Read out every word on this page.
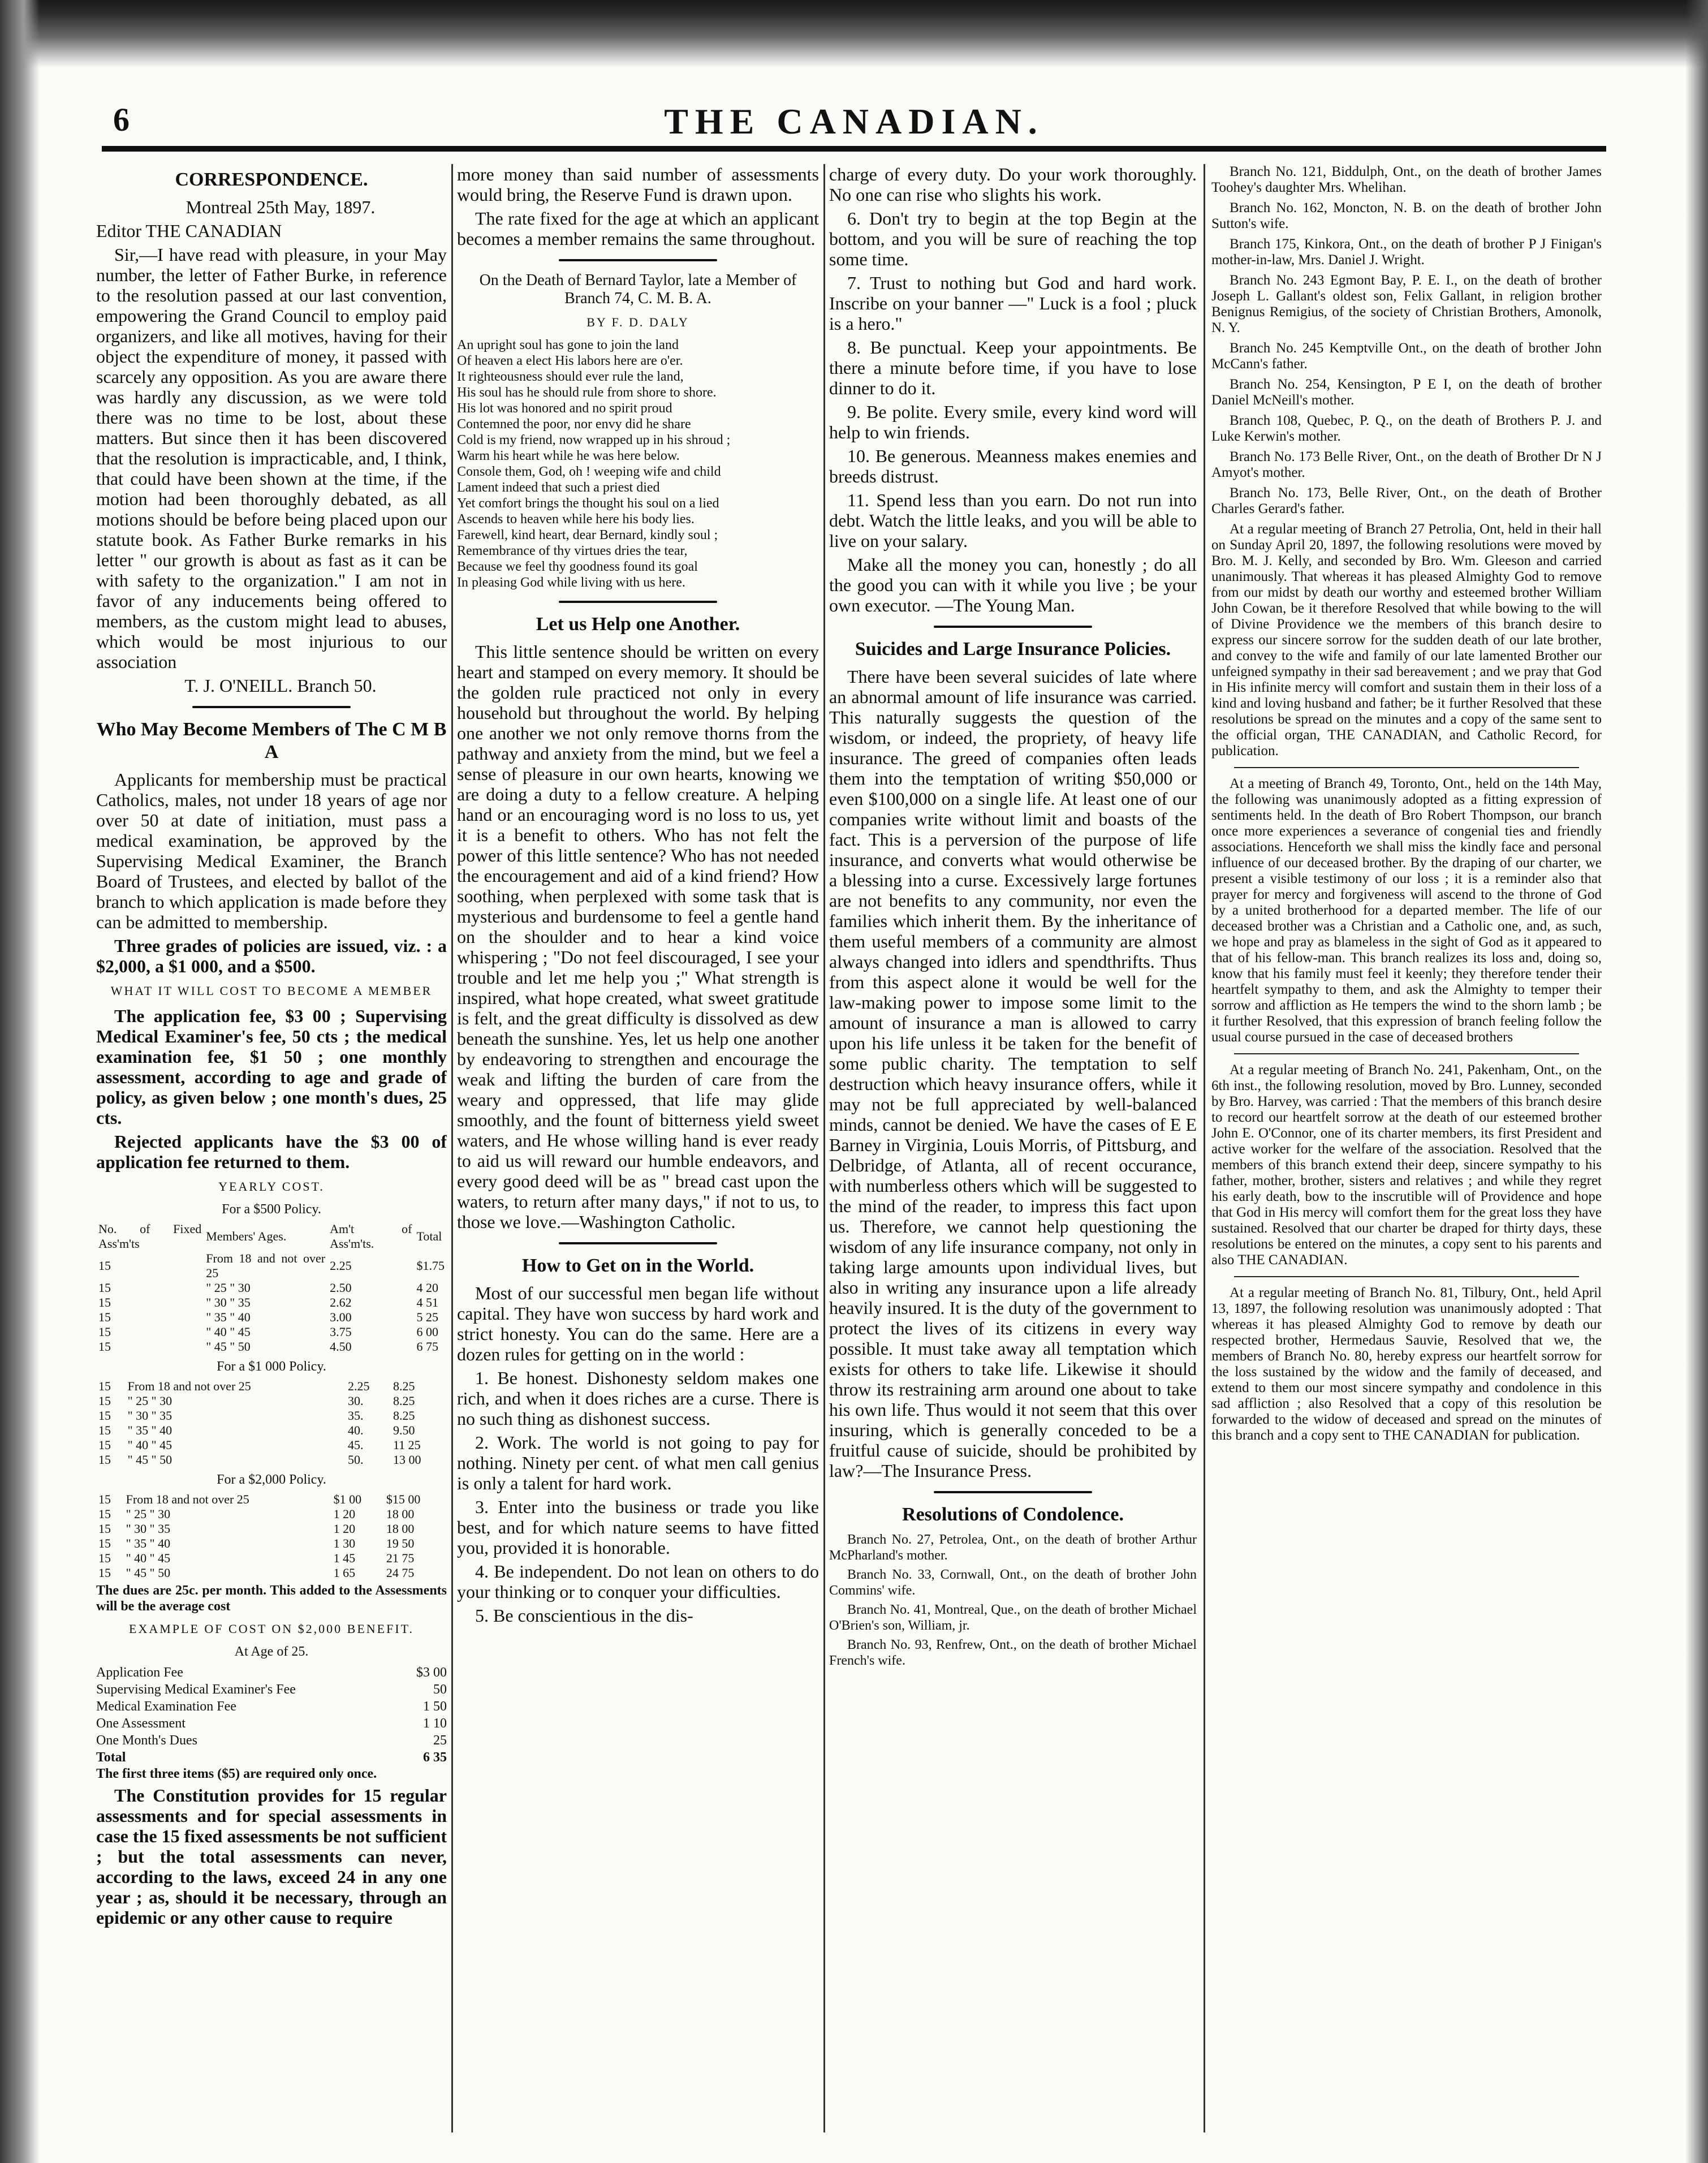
THE CANADIAN.
6
CORRESPONDENCE.

Montreal 25th May, 1897.

Editor THE CANADIAN

Sir,—I have read with pleasure, in your May number, the letter of Father Burke, in reference to the resolution passed at our last convention, empowering the Grand Council to employ paid organizers, and like all motives, having for their object the expenditure of money, it passed with scarcely any opposition. As you are aware there was hardly any discussion, as we were told there was no time to be lost, about these matters. But since then it has been discovered that the resolution is impracticable, and, I think, that could have been shown at the time, if the motion had been thoroughly debated, as all motions should be before being placed upon our statute book. As Father Burke remarks in his letter " our growth is about as fast as it can be with safety to the organization." I am not in favor of any inducements being offered to members, as the custom might lead to abuses, which would be most injurious to our association

T. J. O'NEILL. Branch 50.

Who May Become Members of The C M B A

Applicants for membership must be practical Catholics, males, not under 18 years of age nor over 50 at date of initiation, must pass a medical examination, be approved by the Supervising Medical Examiner, the Branch Board of Trustees, and elected by ballot of the branch to which application is made before they can be admitted to membership.

Three grades of policies are issued, viz. : a $2,000, a $1 000, and a $500.

WHAT IT WILL COST TO BECOME A MEMBER

The application fee, $3 00 ; Supervising Medical Examiner's fee, 50 cts ; the medical examination fee, $1 50 ; one monthly assessment, according to age and grade of policy, as given below ; one month's dues, 25 cts.

Rejected applicants have the $3 00 of application fee returned to them.

YEARLY COST.
For a $500 Policy.
No. of Fixed Ass'm'ts	Members' Ages.	Am't of Ass'm'ts.	Total
15	From 18 and not over 25	2.25	$1.75
15	" 25 " 30	2.50	4 20
15	" 30 " 35	2.62	4 51
15	" 35 " 40	3.00	5 25
15	" 40 " 45	3.75	6 00
15	" 45 " 50	4.50	6 75
For a $1 000 Policy.
15	From 18 and not over 25	2.25	8.25
15	" 25 " 30	30.	8.25
15	" 30 " 35	35.	8.25
15	" 35 " 40	40.	9.50
15	" 40 " 45	45.	11 25
15	" 45 " 50	50.	13 00
For a $2,000 Policy.
15	From 18 and not over 25	$1 00	$15 00
15	" 25 " 30	1 20	18 00
15	" 30 " 35	1 20	18 00
15	" 35 " 40	1 30	19 50
15	" 40 " 45	1 45	21 75
15	" 45 " 50	1 65	24 75

The dues are 25c. per month. This added to the Assessments will be the average cost

EXAMPLE OF COST ON $2,000 BENEFIT.
At Age of 25.
Application Fee	$3 00
Supervising Medical Examiner's Fee	50
Medical Examination Fee	1 50
One Assessment	1 10
One Month's Dues	25
Total	6 35

The first three items ($5) are required only once.

The Constitution provides for 15 regular assessments and for special assessments in case the 15 fixed assessments be not sufficient ; but the total assessments can never, according to the laws, exceed 24 in any one year ; as, should it be necessary, through an epidemic or any other cause to require

more money than said number of assessments would bring, the Reserve Fund is drawn upon.

The rate fixed for the age at which an applicant becomes a member remains the same throughout.

On the Death of Bernard Taylor, late a Member of Branch 74, C. M. B. A.
BY F. D. DALY
An upright soul has gone to join the land
Of heaven a elect His labors here are o'er.
It righteousness should ever rule the land,
His soul has he should rule from shore to shore.
His lot was honored and no spirit proud
Contemned the poor, nor envy did he share
Cold is my friend, now wrapped up in his shroud ;
Warm his heart while he was here below.
Console them, God, oh ! weeping wife and child
Lament indeed that such a priest died
Yet comfort brings the thought his soul on a lied
Ascends to heaven while here his body lies.
Farewell, kind heart, dear Bernard, kindly soul ;
Remembrance of thy virtues dries the tear,
Because we feel thy goodness found its goal
In pleasing God while living with us here.
Let us Help one Another.

This little sentence should be written on every heart and stamped on every memory. It should be the golden rule practiced not only in every household but throughout the world. By helping one another we not only remove thorns from the pathway and anxiety from the mind, but we feel a sense of pleasure in our own hearts, knowing we are doing a duty to a fellow creature. A helping hand or an encouraging word is no loss to us, yet it is a benefit to others. Who has not felt the power of this little sentence? Who has not needed the encouragement and aid of a kind friend? How soothing, when perplexed with some task that is mysterious and burdensome to feel a gentle hand on the shoulder and to hear a kind voice whispering ; "Do not feel discouraged, I see your trouble and let me help you ;" What strength is inspired, what hope created, what sweet gratitude is felt, and the great difficulty is dissolved as dew beneath the sunshine. Yes, let us help one another by endeavoring to strengthen and encourage the weak and lifting the burden of care from the weary and oppressed, that life may glide smoothly, and the fount of bitterness yield sweet waters, and He whose willing hand is ever ready to aid us will reward our humble endeavors, and every good deed will be as " bread cast upon the waters, to return after many days," if not to us, to those we love.—Washington Catholic.

How to Get on in the World.

Most of our successful men began life without capital. They have won success by hard work and strict honesty. You can do the same. Here are a dozen rules for getting on in the world :

1. Be honest. Dishonesty seldom makes one rich, and when it does riches are a curse. There is no such thing as dishonest success.

2. Work. The world is not going to pay for nothing. Ninety per cent. of what men call genius is only a talent for hard work.

3. Enter into the business or trade you like best, and for which nature seems to have fitted you, provided it is honorable.

4. Be independent. Do not lean on others to do your thinking or to conquer your difficulties.

5. Be conscientious in the dis-

charge of every duty. Do your work thoroughly. No one can rise who slights his work.

6. Don't try to begin at the top Begin at the bottom, and you will be sure of reaching the top some time.

7. Trust to nothing but God and hard work. Inscribe on your banner —" Luck is a fool ; pluck is a hero."

8. Be punctual. Keep your appointments. Be there a minute before time, if you have to lose dinner to do it.

9. Be polite. Every smile, every kind word will help to win friends.

10. Be generous. Meanness makes enemies and breeds distrust.

11. Spend less than you earn. Do not run into debt. Watch the little leaks, and you will be able to live on your salary.

Make all the money you can, honestly ; do all the good you can with it while you live ; be your own executor. —The Young Man.

Suicides and Large Insurance Policies.

There have been several suicides of late where an abnormal amount of life insurance was carried. This naturally suggests the question of the wisdom, or indeed, the propriety, of heavy life insurance. The greed of companies often leads them into the temptation of writing $50,000 or even $100,000 on a single life. At least one of our companies write without limit and boasts of the fact. This is a perversion of the purpose of life insurance, and converts what would otherwise be a blessing into a curse. Excessively large fortunes are not benefits to any community, nor even the families which inherit them. By the inheritance of them useful members of a community are almost always changed into idlers and spendthrifts. Thus from this aspect alone it would be well for the law-making power to impose some limit to the amount of insurance a man is allowed to carry upon his life unless it be taken for the benefit of some public charity. The temptation to self destruction which heavy insurance offers, while it may not be full appreciated by well-balanced minds, cannot be denied. We have the cases of E E Barney in Virginia, Louis Morris, of Pittsburg, and Delbridge, of Atlanta, all of recent occurance, with numberless others which will be suggested to the mind of the reader, to impress this fact upon us. Therefore, we cannot help questioning the wisdom of any life insurance company, not only in taking large amounts upon individual lives, but also in writing any insurance upon a life already heavily insured. It is the duty of the government to protect the lives of its citizens in every way possible. It must take away all temptation which exists for others to take life. Likewise it should throw its restraining arm around one about to take his own life. Thus would it not seem that this over insuring, which is generally conceded to be a fruitful cause of suicide, should be prohibited by law?—The Insurance Press.

Resolutions of Condolence.

Branch No. 27, Petrolea, Ont., on the death of brother Arthur McPharland's mother.

Branch No. 33, Cornwall, Ont., on the death of brother John Commins' wife.

Branch No. 41, Montreal, Que., on the death of brother Michael O'Brien's son, William, jr.

Branch No. 93, Renfrew, Ont., on the death of brother Michael French's wife.

Branch No. 121, Biddulph, Ont., on the death of brother James Toohey's daughter Mrs. Whelihan.

Branch No. 162, Moncton, N. B. on the death of brother John Sutton's wife.

Branch 175, Kinkora, Ont., on the death of brother P J Finigan's mother-in-law, Mrs. Daniel J. Wright.

Branch No. 243 Egmont Bay, P. E. I., on the death of brother Joseph L. Gallant's oldest son, Felix Gallant, in religion brother Benignus Remigius, of the society of Christian Brothers, Amonolk, N. Y.

Branch No. 245 Kemptville Ont., on the death of brother John McCann's father.

Branch No. 254, Kensington, P E I, on the death of brother Daniel McNeill's mother.

Branch 108, Quebec, P. Q., on the death of Brothers P. J. and Luke Kerwin's mother.

Branch No. 173 Belle River, Ont., on the death of Brother Dr N J Amyot's mother.

Branch No. 173, Belle River, Ont., on the death of Brother Charles Gerard's father.

At a regular meeting of Branch 27 Petrolia, Ont, held in their hall on Sunday April 20, 1897, the following resolutions were moved by Bro. M. J. Kelly, and seconded by Bro. Wm. Gleeson and carried unanimously. That whereas it has pleased Almighty God to remove from our midst by death our worthy and esteemed brother William John Cowan, be it therefore Resolved that while bowing to the will of Divine Providence we the members of this branch desire to express our sincere sorrow for the sudden death of our late brother, and convey to the wife and family of our late lamented Brother our unfeigned sympathy in their sad bereavement ; and we pray that God in His infinite mercy will comfort and sustain them in their loss of a kind and loving husband and father; be it further Resolved that these resolutions be spread on the minutes and a copy of the same sent to the official organ, THE CANADIAN, and Catholic Record, for publication.

At a meeting of Branch 49, Toronto, Ont., held on the 14th May, the following was unanimously adopted as a fitting expression of sentiments held. In the death of Bro Robert Thompson, our branch once more experiences a severance of congenial ties and friendly associations. Henceforth we shall miss the kindly face and personal influence of our deceased brother. By the draping of our charter, we present a visible testimony of our loss ; it is a reminder also that prayer for mercy and forgiveness will ascend to the throne of God by a united brotherhood for a departed member. The life of our deceased brother was a Christian and a Catholic one, and, as such, we hope and pray as blameless in the sight of God as it appeared to that of his fellow-man. This branch realizes its loss and, doing so, know that his family must feel it keenly; they therefore tender their heartfelt sympathy to them, and ask the Almighty to temper their sorrow and affliction as He tempers the wind to the shorn lamb ; be it further Resolved, that this expression of branch feeling follow the usual course pursued in the case of deceased brothers

At a regular meeting of Branch No. 241, Pakenham, Ont., on the 6th inst., the following resolution, moved by Bro. Lunney, seconded by Bro. Harvey, was carried : That the members of this branch desire to record our heartfelt sorrow at the death of our esteemed brother John E. O'Connor, one of its charter members, its first President and active worker for the welfare of the association. Resolved that the members of this branch extend their deep, sincere sympathy to his father, mother, brother, sisters and relatives ; and while they regret his early death, bow to the inscrutible will of Providence and hope that God in His mercy will comfort them for the great loss they have sustained. Resolved that our charter be draped for thirty days, these resolutions be entered on the minutes, a copy sent to his parents and also THE CANADIAN.

At a regular meeting of Branch No. 81, Tilbury, Ont., held April 13, 1897, the following resolution was unanimously adopted : That whereas it has pleased Almighty God to remove by death our respected brother, Hermedaus Sauvie, Resolved that we, the members of Branch No. 80, hereby express our heartfelt sorrow for the loss sustained by the widow and the family of deceased, and extend to them our most sincere sympathy and condolence in this sad affliction ; also Resolved that a copy of this resolution be forwarded to the widow of deceased and spread on the minutes of this branch and a copy sent to THE CANADIAN for publication.
